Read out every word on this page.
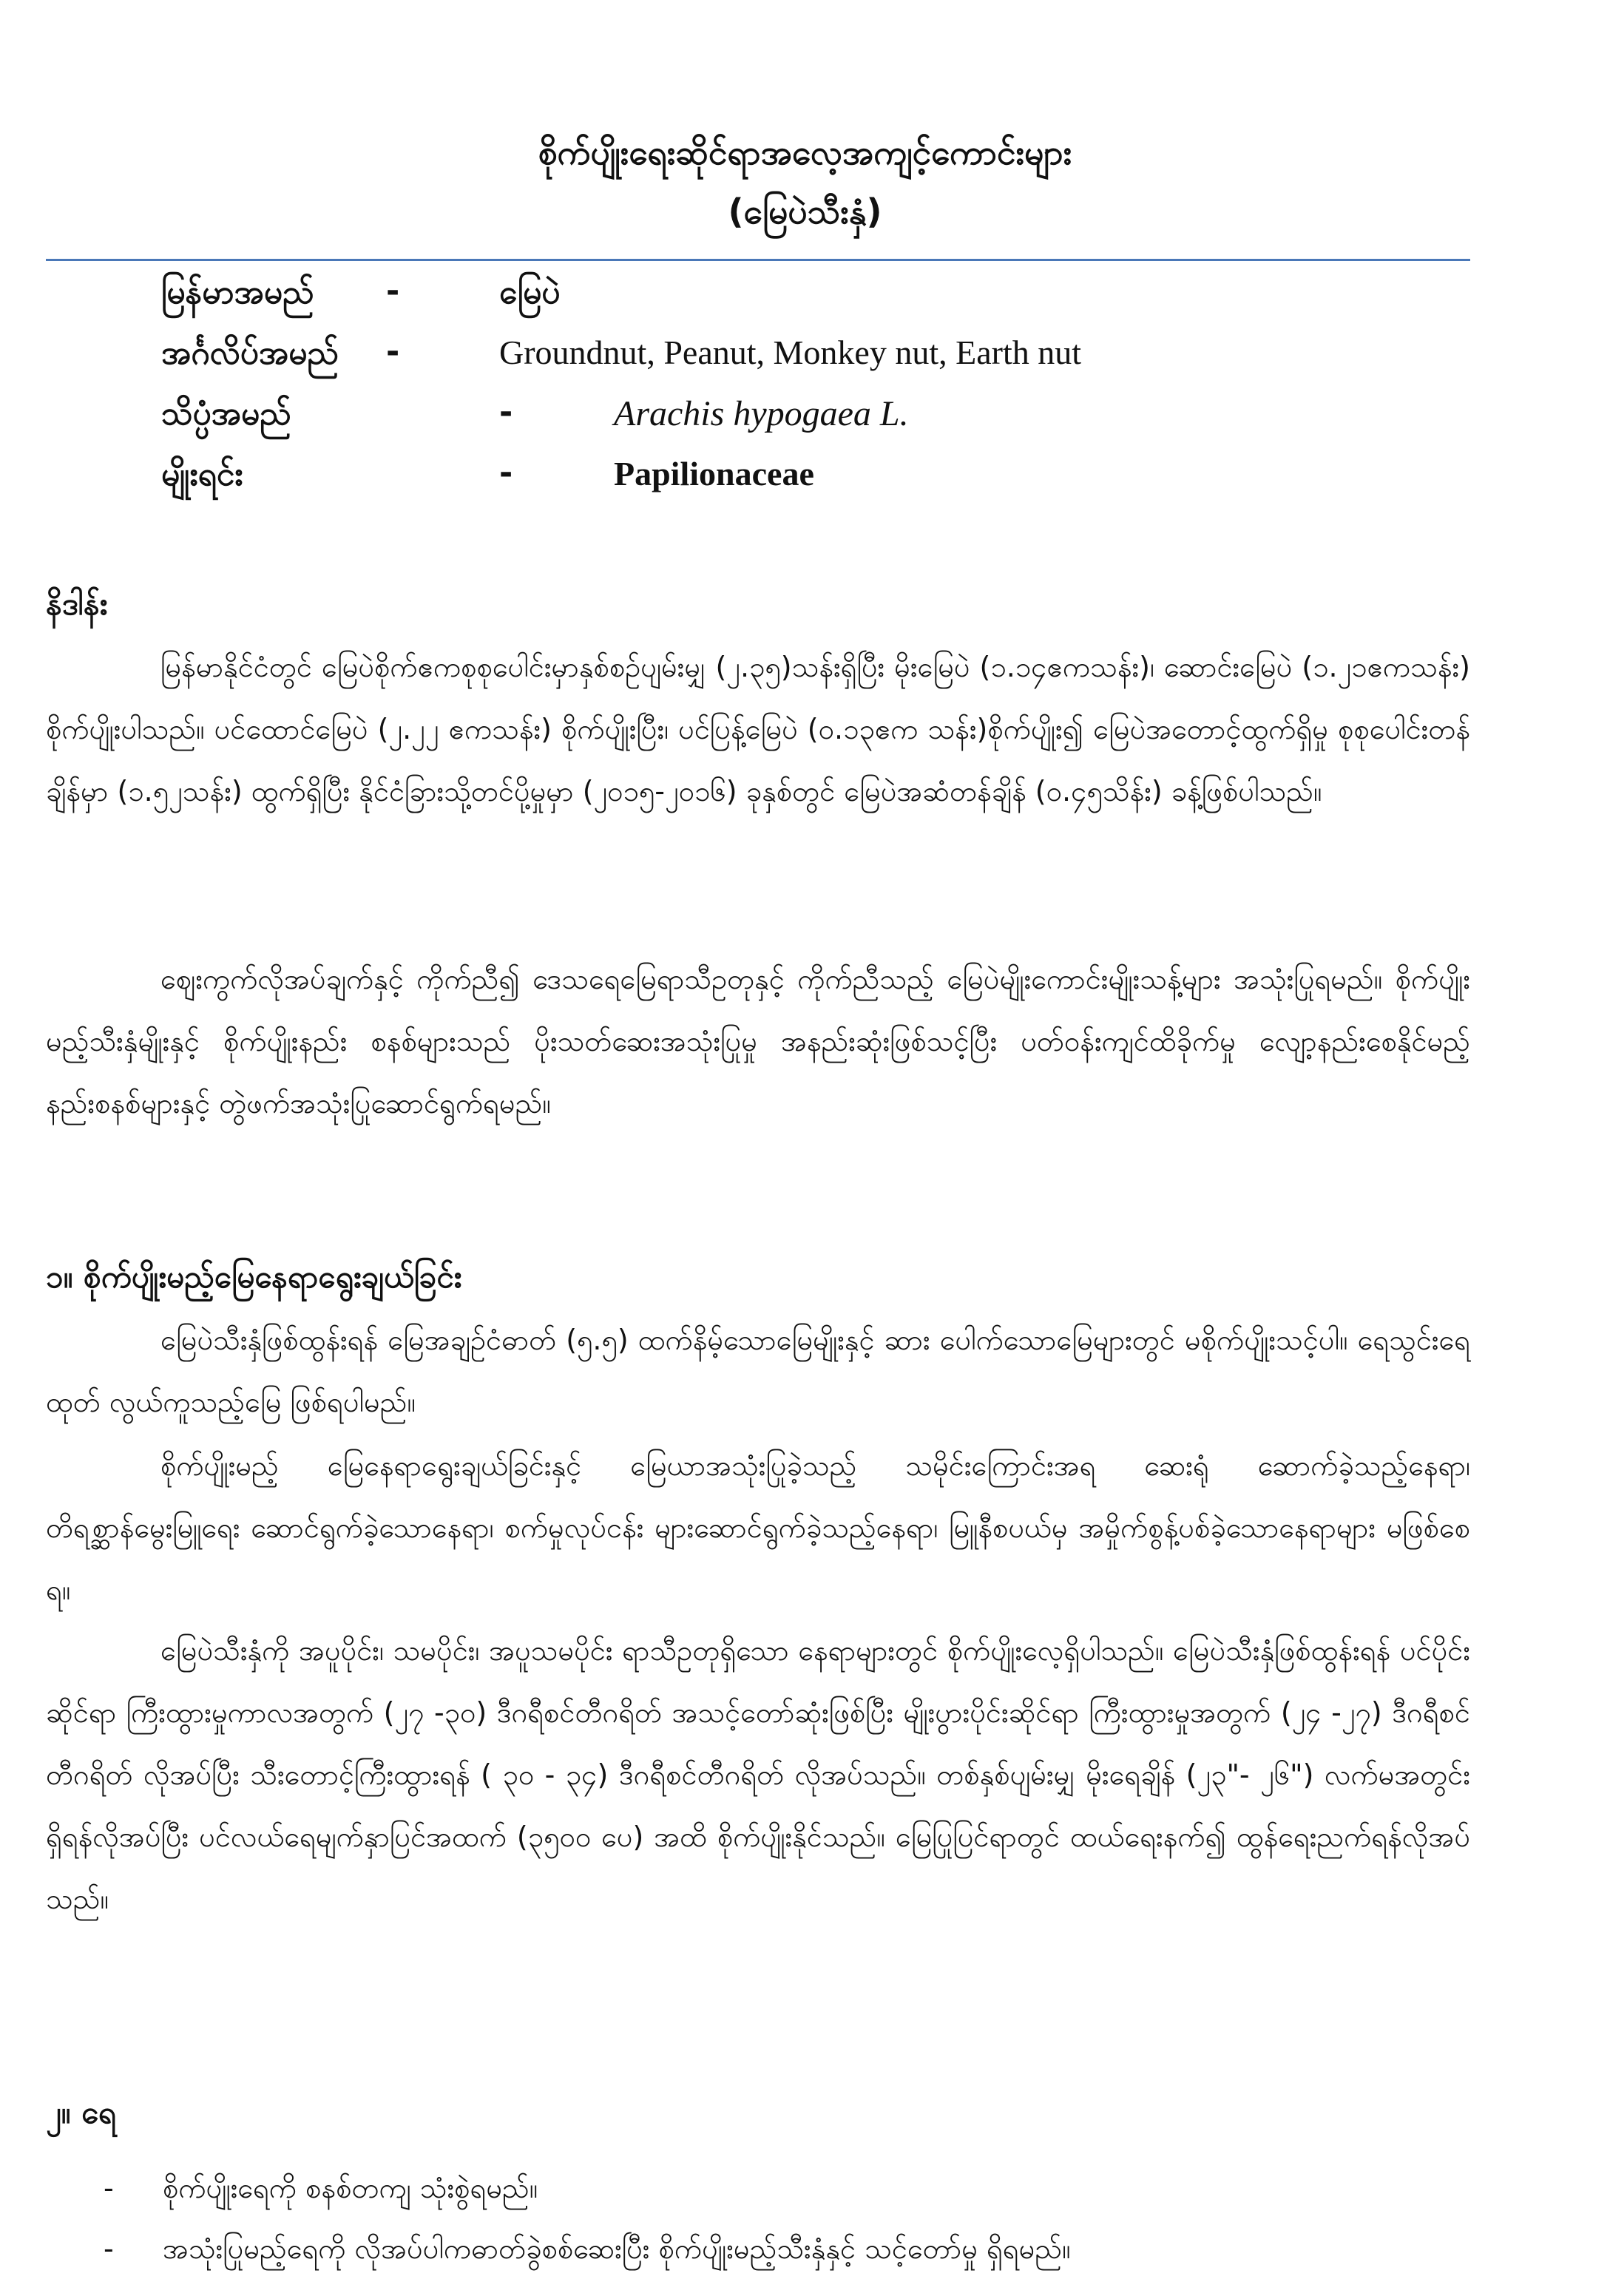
စိုက်ပျိုးရေးဆိုင်ရာအလေ့အကျင့်ကောင်းများ
(မြေပဲသီးနှံ)
မြန်မာအမည် -	မြေပဲ
အင်္ဂလိပ်အမည် -	Groundnut, Peanut, Monkey nut, Earth nut
သိပ္ပံအမည်	-	Arachis hypogaea L.
မျိုးရင်း	-	Papilionaceae
နိဒါန်း

မြန်မာနိုင်ငံတွင် မြေပဲစိုက်ဧကစုစုပေါင်းမှာနှစ်စဉ်ပျမ်းမျှ (၂.၃၅)သန်းရှိပြီး မိုးမြေပဲ (၁.၁၄ဧကသန်း)၊ ဆောင်းမြေပဲ (၁.၂၁ဧကသန်း) စိုက်ပျိုးပါသည်။ ပင်ထောင်မြေပဲ (၂.၂၂ ဧကသန်း) စိုက်ပျိုးပြီး၊ ပင်ပြန့်မြေပဲ (၀.၁၃ဧက သန်း)စိုက်ပျိုး၍ မြေပဲအတောင့်ထွက်ရှိမှု စုစုပေါင်းတန်ချိန်မှာ (၁.၅၂သန်း) ထွက်ရှိပြီး နိုင်ငံခြားသို့တင်ပို့မှုမှာ (၂၀၁၅-၂၀၁၆) ခုနှစ်တွင် မြေပဲအဆံတန်ချိန် (၀.၄၅သိန်း) ခန့်ဖြစ်ပါသည်။

ဈေးကွက်လိုအပ်ချက်နှင့် ကိုက်ညီ၍ ဒေသရေမြေရာသီဥတုနှင့် ကိုက်ညီသည့် မြေပဲမျိုးကောင်းမျိုးသန့်များ အသုံးပြုရမည်။ စိုက်ပျိုးမည့်သီးနှံမျိုးနှင့် စိုက်ပျိုးနည်း စနစ်များသည် ပိုးသတ်ဆေးအသုံးပြုမှု အနည်းဆုံးဖြစ်သင့်ပြီး ပတ်ဝန်းကျင်ထိခိုက်မှု လျော့နည်းစေနိုင်မည့် နည်းစနစ်များနှင့် တွဲဖက်အသုံးပြုဆောင်ရွက်ရမည်။

၁။ စိုက်ပျိုးမည့်မြေနေရာရွေးချယ်ခြင်း

မြေပဲသီးနှံဖြစ်ထွန်းရန် မြေအချဉ်ငံဓာတ် (၅.၅) ထက်နိမ့်သောမြေမျိုးနှင့် ဆား ပေါက်သောမြေများတွင် မစိုက်ပျိုးသင့်ပါ။ ရေသွင်းရေထုတ် လွယ်ကူသည့်မြေ ဖြစ်ရပါမည်။

စိုက်ပျိုးမည့် မြေနေရာရွေးချယ်ခြင်းနှင့် မြေယာအသုံးပြုခဲ့သည့် သမိုင်းကြောင်းအရ ဆေးရုံ ဆောက်ခဲ့သည့်နေရာ၊ တိရစ္ဆာန်မွေးမြူရေး ဆောင်ရွက်ခဲ့သောနေရာ၊ စက်မှုလုပ်ငန်း များဆောင်ရွက်ခဲ့သည့်နေရာ၊ မြူနီစပယ်မှ အမှိုက်စွန့်ပစ်ခဲ့သောနေရာများ မဖြစ်စေရ။

မြေပဲသီးနှံကို အပူပိုင်း၊ သမပိုင်း၊ အပူသမပိုင်း ရာသီဥတုရှိသော နေရာများတွင် စိုက်ပျိုးလေ့ရှိပါသည်။ မြေပဲသီးနှံဖြစ်ထွန်းရန် ပင်ပိုင်းဆိုင်ရာ ကြီးထွားမှုကာလအတွက် (၂၇ -၃၀) ဒီဂရီစင်တီဂရိတ် အသင့်တော်ဆုံးဖြစ်ပြီး မျိုးပွားပိုင်းဆိုင်ရာ ကြီးထွားမှုအတွက် (၂၄ -၂၇) ဒီဂရီစင်တီဂရိတ် လိုအပ်ပြီး သီးတောင့်ကြီးထွားရန် ( ၃၀ - ၃၄) ဒီဂရီစင်တီဂရိတ် လိုအပ်သည်။ တစ်နှစ်ပျမ်းမျှ မိုးရေချိန် (၂၃"- ၂၆") လက်မအတွင်း ရှိရန်လိုအပ်ပြီး ပင်လယ်ရေမျက်နှာပြင်အထက် (၃၅၀၀ ပေ) အထိ စိုက်ပျိုးနိုင်သည်။ မြေပြုပြင်ရာတွင် ထယ်ရေးနက်၍ ထွန်ရေးညက်ရန်လိုအပ်သည်။

၂။ ရေ
- စိုက်ပျိုးရေကို စနစ်တကျ သုံးစွဲရမည်။
- အသုံးပြုမည့်ရေကို လိုအပ်ပါကဓာတ်ခွဲစစ်ဆေးပြီး စိုက်ပျိုးမည့်သီးနှံနှင့် သင့်တော်မှု ရှိရမည်။
